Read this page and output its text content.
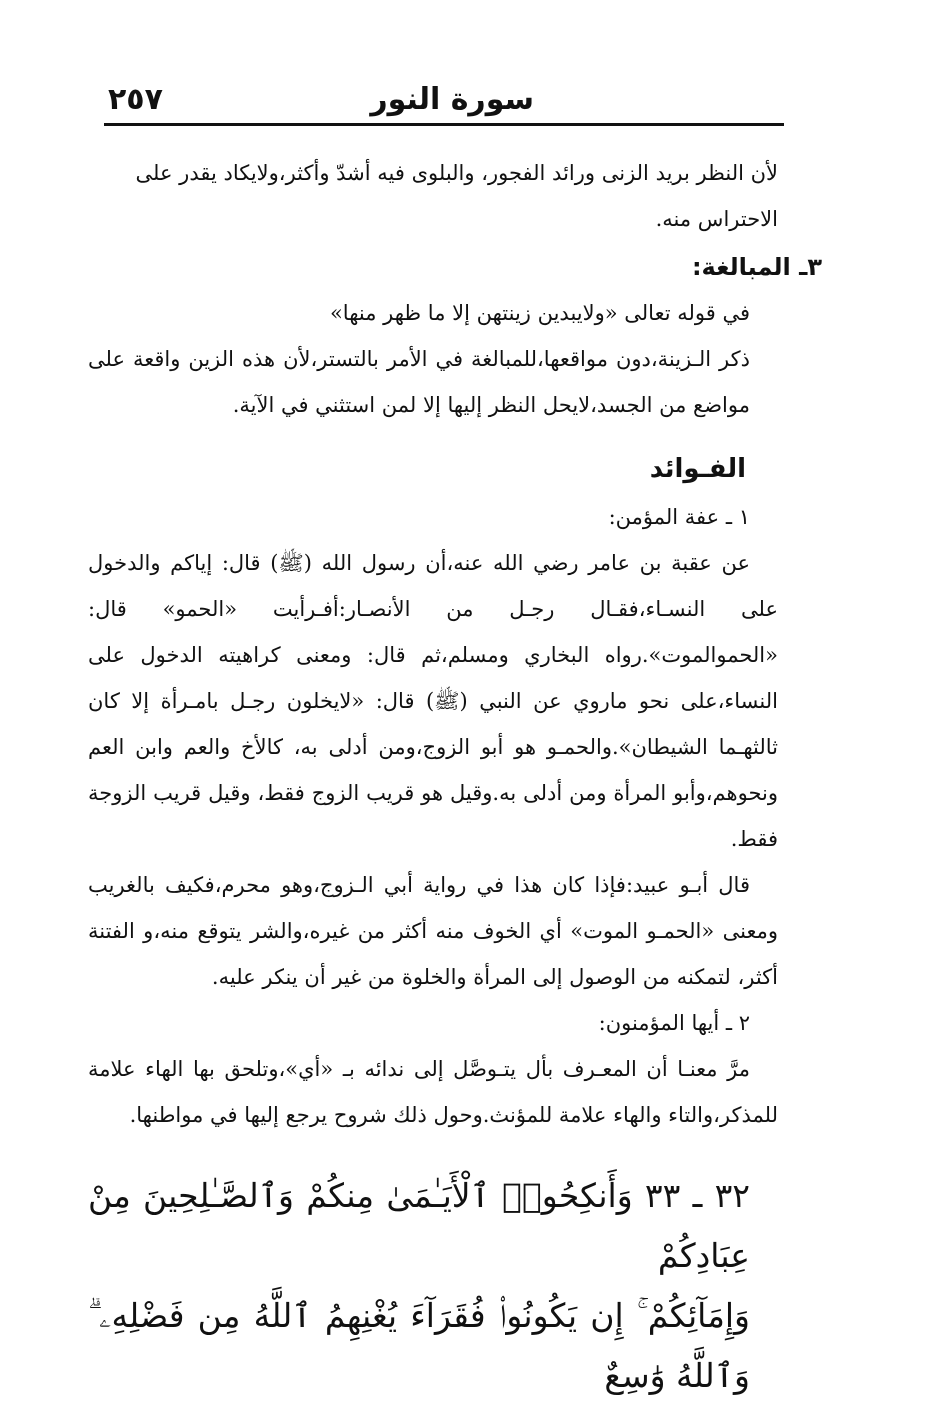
٢٥٧	سورة النور

لأن النظر بريد الزنى ورائد الفجور، والبلوى فيه أشدّ وأكثر،ولايكاد يقدر على

الاحتراس منه.

٣ـ المبالغة:

في قوله تعالى «ولايبدين زينتهن إلا ما ظهر منها»

ذكر الـزينة،دون مواقعها،للمبالغة في الأمر بالتستر،لأن هذه الزين واقعة على مواضع من الجسد،لايحل النظر إليها إلا لمن استثني في الآية.

الفـوائد

١ ـ عفة المؤمن:

عن عقبة بن عامر رضي الله عنه،أن رسول الله (ﷺ) قال: إياكم والدخول على النسـاء،فقـال رجـل من الأنصـار:أفـرأيت «الحمو» قال: «الحموالموت».رواه البخاري ومسلم،ثم قال: ومعنى كراهيته الدخول على النساء،على نحو ماروي عن النبي (ﷺ) قال: «لايخلون رجـل بامـرأة إلا كان ثالثهـما الشيطان».والحمـو هو أبو الزوج،ومن أدلى به، كالأخ والعم وابن العم ونحوهم،وأبو المرأة ومن أدلى به.وقيل هو قريب الزوج فقط، وقيل قريب الزوجة فقط.

قال أبـو عبيد:فإذا كان هذا في رواية أبي الـزوج،وهو محرم،فكيف بالغريب ومعنى «الحمـو الموت» أي الخوف منه أكثر من غيره،والشر يتوقع منه،و الفتنة أكثر، لتمكنه من الوصول إلى المرأة والخلوة من غير أن ينكر عليه.

٢ ـ أيها المؤمنون:

مرَّ معنـا أن المعـرف بأل يتـوصَّل إلى ندائه بـ «أي»،وتلحق بها الهاء علامة للمذكر،والتاء والهاء علامة للمؤنث.وحول ذلك شروح يرجع إليها في مواطنها.

٣٢ ـ ٣٣ وَأَنكِحُوا۟ ٱلْأَيَـٰمَىٰ مِنكُمْ وَٱلصَّـٰلِحِينَ مِنْ عِبَادِكُمْ

وَإِمَآئِكُمْ ۚ إِن يَكُونُوا۟ فُقَرَآءَ يُغْنِهِمُ ٱللَّهُ مِن فَضْلِهِۦ ۗ وَٱللَّهُ وَٰسِعٌ
